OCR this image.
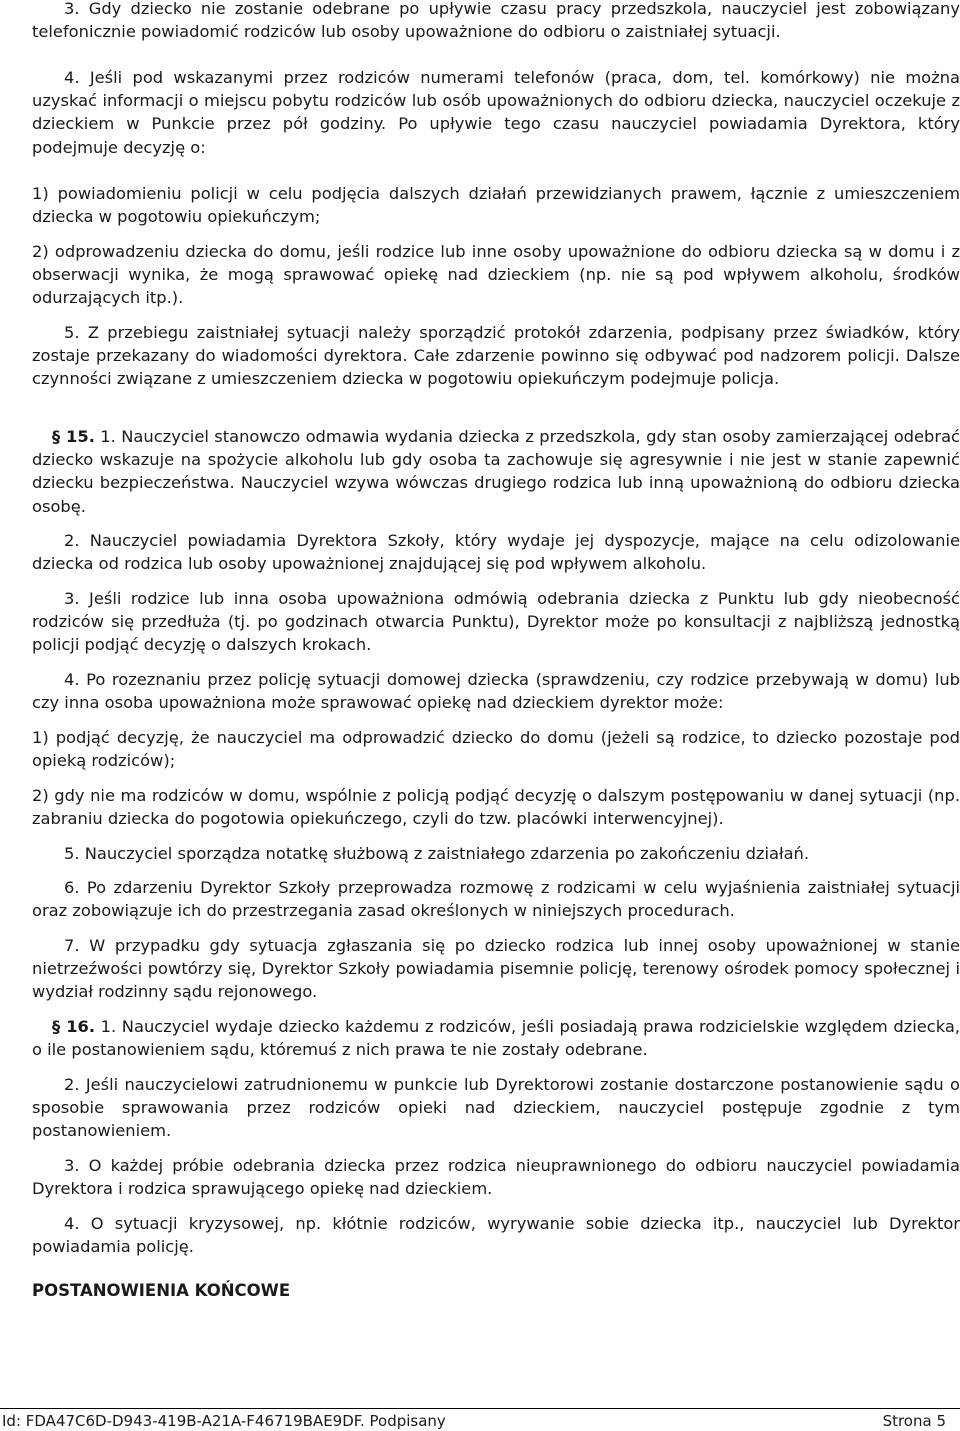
3. Gdy dziecko nie zostanie odebrane po upływie czasu pracy przedszkola, nauczyciel jest zobowiązany telefonicznie powiadomić rodziców lub osoby upoważnione do odbioru o zaistniałej sytuacji.

4. Jeśli pod wskazanymi przez rodziców numerami telefonów (praca, dom, tel. komórkowy) nie można uzyskać informacji o miejscu pobytu rodziców lub osób upoważnionych do odbioru dziecka, nauczyciel oczekuje z dzieckiem w Punkcie przez pół godziny. Po upływie tego czasu nauczyciel powiadamia Dyrektora, który podejmuje decyzję o:

1) powiadomieniu policji w celu podjęcia dalszych działań przewidzianych prawem, łącznie z umieszczeniem dziecka w pogotowiu opiekuńczym;

2) odprowadzeniu dziecka do domu, jeśli rodzice lub inne osoby upoważnione do odbioru dziecka są w domu i z obserwacji wynika, że mogą sprawować opiekę nad dzieckiem (np. nie są pod wpływem alkoholu, środków odurzających itp.).

5. Z przebiegu zaistniałej sytuacji należy sporządzić protokół zdarzenia, podpisany przez świadków, który zostaje przekazany do wiadomości dyrektora. Całe zdarzenie powinno się odbywać pod nadzorem policji. Dalsze czynności związane z umieszczeniem dziecka w pogotowiu opiekuńczym podejmuje policja.

§ 15. 1. Nauczyciel stanowczo odmawia wydania dziecka z przedszkola, gdy stan osoby zamierzającej odebrać dziecko wskazuje na spożycie alkoholu lub gdy osoba ta zachowuje się agresywnie i nie jest w stanie zapewnić dziecku bezpieczeństwa. Nauczyciel wzywa wówczas drugiego rodzica lub inną upoważnioną do odbioru dziecka osobę.

2. Nauczyciel powiadamia Dyrektora Szkoły, który wydaje jej dyspozycje, mające na celu odizolowanie dziecka od rodzica lub osoby upoważnionej znajdującej się pod wpływem alkoholu.

3. Jeśli rodzice lub inna osoba upoważniona odmówią odebrania dziecka z Punktu lub gdy nieobecność rodziców się przedłuża (tj. po godzinach otwarcia Punktu), Dyrektor może po konsultacji z najbliższą jednostką policji podjąć decyzję o dalszych krokach.

4. Po rozeznaniu przez policję sytuacji domowej dziecka (sprawdzeniu, czy rodzice przebywają w domu) lub czy inna osoba upoważniona może sprawować opiekę nad dzieckiem dyrektor może:

1) podjąć decyzję, że nauczyciel ma odprowadzić dziecko do domu (jeżeli są rodzice, to dziecko pozostaje pod opieką rodziców);

2) gdy nie ma rodziców w domu, wspólnie z policją podjąć decyzję o dalszym postępowaniu w danej sytuacji (np. zabraniu dziecka do pogotowia opiekuńczego, czyli do tzw. placówki interwencyjnej).

5. Nauczyciel sporządza notatkę służbową z zaistniałego zdarzenia po zakończeniu działań.

6. Po zdarzeniu Dyrektor Szkoły przeprowadza rozmowę z rodzicami w celu wyjaśnienia zaistniałej sytuacji oraz zobowiązuje ich do przestrzegania zasad określonych w niniejszych procedurach.

7. W przypadku gdy sytuacja zgłaszania się po dziecko rodzica lub innej osoby upoważnionej w stanie nietrzeźwości powtórzy się, Dyrektor Szkoły powiadamia pisemnie policję, terenowy ośrodek pomocy społecznej i wydział rodzinny sądu rejonowego.

§ 16. 1. Nauczyciel wydaje dziecko każdemu z rodziców, jeśli posiadają prawa rodzicielskie względem dziecka, o ile postanowieniem sądu, któremuś z nich prawa te nie zostały odebrane.

2. Jeśli nauczycielowi zatrudnionemu w punkcie lub Dyrektorowi zostanie dostarczone postanowienie sądu o sposobie sprawowania przez rodziców opieki nad dzieckiem, nauczyciel postępuje zgodnie z tym postanowieniem.

3. O każdej próbie odebrania dziecka przez rodzica nieuprawnionego do odbioru nauczyciel powiadamia Dyrektora i rodzica sprawującego opiekę nad dzieckiem.

4. O sytuacji kryzysowej, np. kłótnie rodziców, wyrywanie sobie dziecka itp., nauczyciel lub Dyrektor powiadamia policję.

POSTANOWIENIA KOŃCOWE

Id: FDA47C6D-D943-419B-A21A-F46719BAE9DF. Podpisany	Strona 5
